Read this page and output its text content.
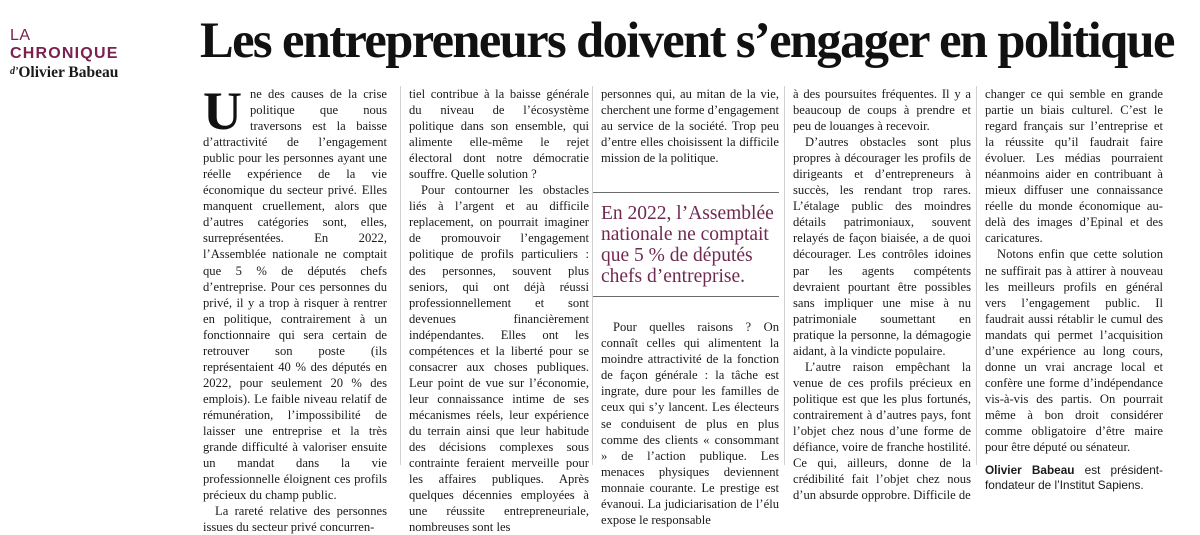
LA
CHRONIQUE
$^{d’}$Olivier Babeau
Les entrepreneurs doivent s’engager en politique
U ne des causes de la crise politique que nous traversons est la baisse d’attractivité de l’engagement public pour les personnes ayant une réelle expérience de la vie économique du secteur privé. Elles manquent cruellement, alors que d’autres catégories sont, elles, surreprésentées. En 2022, l’Assemblée nationale ne comptait que 5 % de députés chefs d’entreprise. Pour ces personnes du privé, il y a trop à risquer à rentrer en politique, contrairement à un fonctionnaire qui sera certain de retrouver son poste (ils représentaient 40 % des députés en 2022, pour seulement 20 % des emplois). Le faible niveau relatif de rémunération, l’impossibilité de laisser une entreprise et la très grande difficulté à valoriser ensuite un mandat dans la vie professionnelle éloignent ces profils précieux du champ public.

La rareté relative des personnes issues du secteur privé concurren-

tiel contribue à la baisse générale du niveau de l’écosystème politique dans son ensemble, qui alimente elle-même le rejet électoral dont notre démocratie souffre. Quelle solution ?

Pour contourner les obstacles liés à l’argent et au difficile replacement, on pourrait imaginer de promouvoir l’engagement politique de profils particuliers : des personnes, souvent plus seniors, qui ont déjà réussi professionnellement et sont devenues financièrement indépendantes. Elles ont les compétences et la liberté pour se consacrer aux choses publiques. Leur point de vue sur l’économie, leur connaissance intime de ses mécanismes réels, leur expérience du terrain ainsi que leur habitude des décisions complexes sous contrainte feraient merveille pour les affaires publiques. Après quelques décennies employées à une réussite entrepreneuriale, nombreuses sont les

personnes qui, au mitan de la vie, cherchent une forme d’engagement au service de la société. Trop peu d’entre elles choisissent la difficile mission de la politique.

En 2022, l’Assemblée nationale ne comptait que 5 % de députés chefs d’entreprise.

Pour quelles raisons ? On connaît celles qui alimentent la moindre attractivité de la fonction de façon générale : la tâche est ingrate, dure pour les familles de ceux qui s’y lancent. Les électeurs se conduisent de plus en plus comme des clients « consommant » de l’action publique. Les menaces physiques deviennent monnaie courante. Le prestige est évanoui. La judiciarisation de l’élu expose le responsable

à des poursuites fréquentes. Il y a beaucoup de coups à prendre et peu de louanges à recevoir.

D’autres obstacles sont plus propres à décourager les profils de dirigeants et d’entrepreneurs à succès, les rendant trop rares. L’étalage public des moindres détails patrimoniaux, souvent relayés de façon biaisée, a de quoi décourager. Les contrôles idoines par les agents compétents devraient pourtant être possibles sans impliquer une mise à nu patrimoniale soumettant en pratique la personne, la démagogie aidant, à la vindicte populaire.

L’autre raison empêchant la venue de ces profils précieux en politique est que les plus fortunés, contrairement à d’autres pays, font l’objet chez nous d’une forme de défiance, voire de franche hostilité. Ce qui, ailleurs, donne de la crédibilité fait l’objet chez nous d’un absurde opprobre. Difficile de

changer ce qui semble en grande partie un biais culturel. C’est le regard français sur l’entreprise et la réussite qu’il faudrait faire évoluer. Les médias pourraient néanmoins aider en contribuant à mieux diffuser une connaissance réelle du monde économique au-delà des images d’Epinal et des caricatures.

Notons enfin que cette solution ne suffirait pas à attirer à nouveau les meilleurs profils en général vers l’engagement public. Il faudrait aussi rétablir le cumul des mandats qui permet l’acquisition d’une expérience au long cours, donne un vrai ancrage local et confère une forme d’indépendance vis-à-vis des partis. On pourrait même à bon droit considérer comme obligatoire d’être maire pour être député ou sénateur.

Olivier Babeau est président-fondateur de l’Institut Sapiens.
